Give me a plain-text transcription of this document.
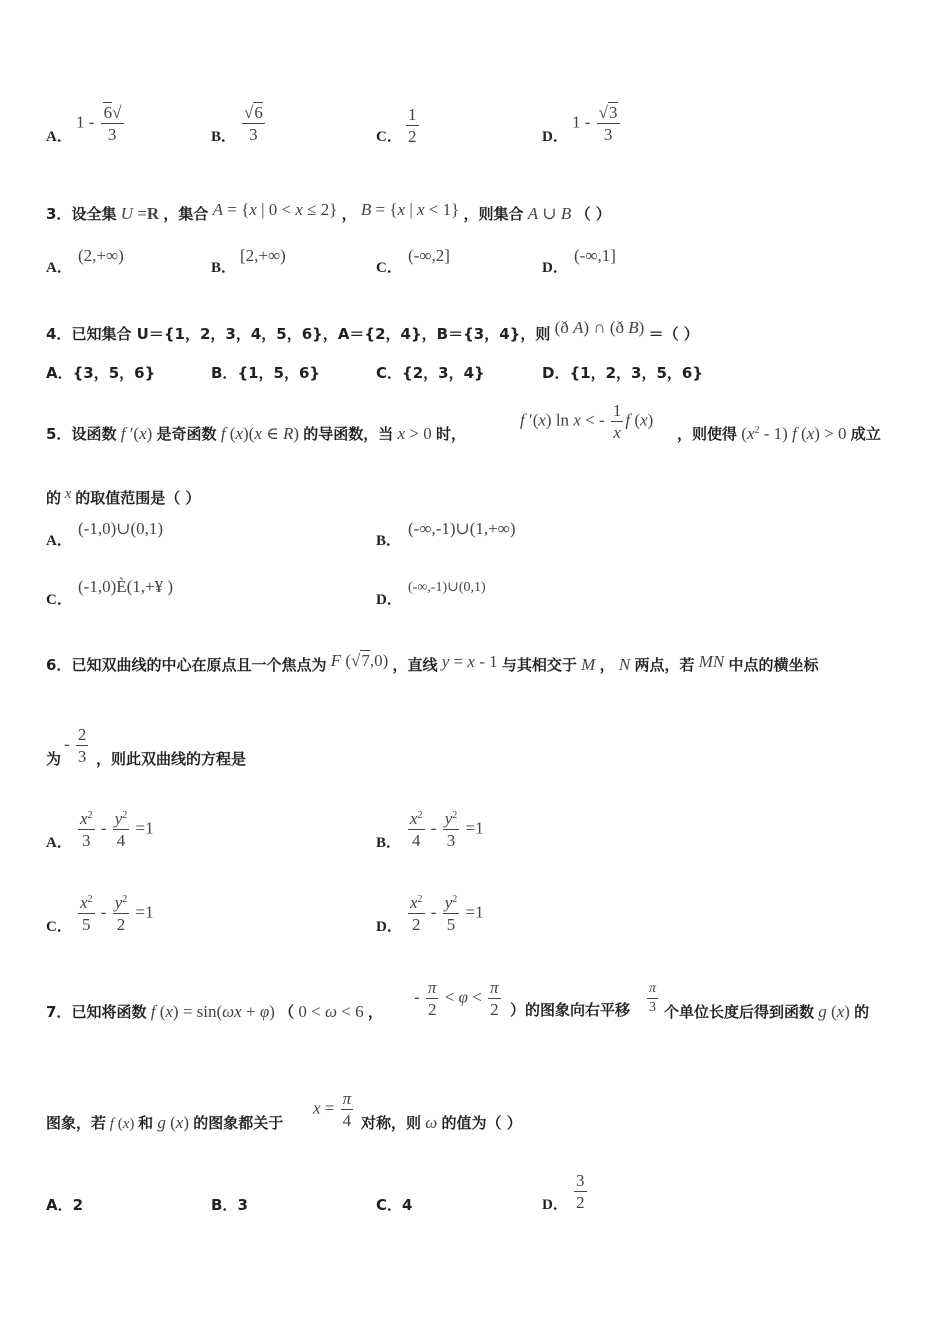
A．
$1 - \frac{6√}{3}$	B． $\frac{√6}{3}$	C． $\frac{1}{2}$	D．
$1 - \frac{√3}{3}$
3．设全集 U =R ，集合 A = {x | 0 < x ≤ 2} ， B = {x | x < 1} ，则集合 A ∪ B （ ）
A．
(2,+∞)
B．
[2,+∞)
C．
(-∞,2]
D．
(-∞,1]
4．已知集合 U＝{1，2，3，4，5，6}，A＝{2，4}，B＝{3，4}，则 (ð A) ∩ (ð B) ＝（ ）
A．{3，5，6}	B．{1，5，6}	C．{2，3，4}	D．{1，2，3，5，6}
5．设函数 f ′(x) 是奇函数 f (x)(x ∈ R) 的导函数，当 x > 0 时，
f ′(x) ln x < - $\frac{1}{x}$ f (x)
，则使得 $(x^2 - 1)$ f (x) > 0 成立
的 x 的取值范围是（ ）
A．
(-1,0)∪(0,1)
B．
(-∞,-1)∪(1,+∞)
C．
(-1,0)È(1,+¥ )
D．
(-∞,-1)∪(0,1)
6．已知双曲线的中心在原点且一个焦点为 F (√7,0) ，直线 y = x - 1 与其相交于 M ， N 两点，若 MN 中点的横坐标
为
- $\frac{2}{3}$ ，则此双曲线的方程是
A． $\frac{x^2}{3} - \frac{y^2}{4} =1$
B． $\frac{x^2}{4} - \frac{y^2}{3} =1$
C． $\frac{x^2}{5} - \frac{y^2}{2} =1$
D． $\frac{x^2}{2} - \frac{y^2}{5} =1$
7．已知将函数 f (x) = sin(ωx + φ) （ 0 < ω < 6 ，
- $\frac{\pi}{2} < \varphi < \frac{\pi}{2}$ ）的图象向右平移 $\frac{\pi}{3}$ 个单位长度后得到函数 g (x) 的
图象，若 f (x) 和 g (x) 的图象都关于
$x = \frac{\pi}{4}$ 对称，则 ω 的值为（ ）
A．2	B．3	C．4	D． $\frac{3}{2}$
